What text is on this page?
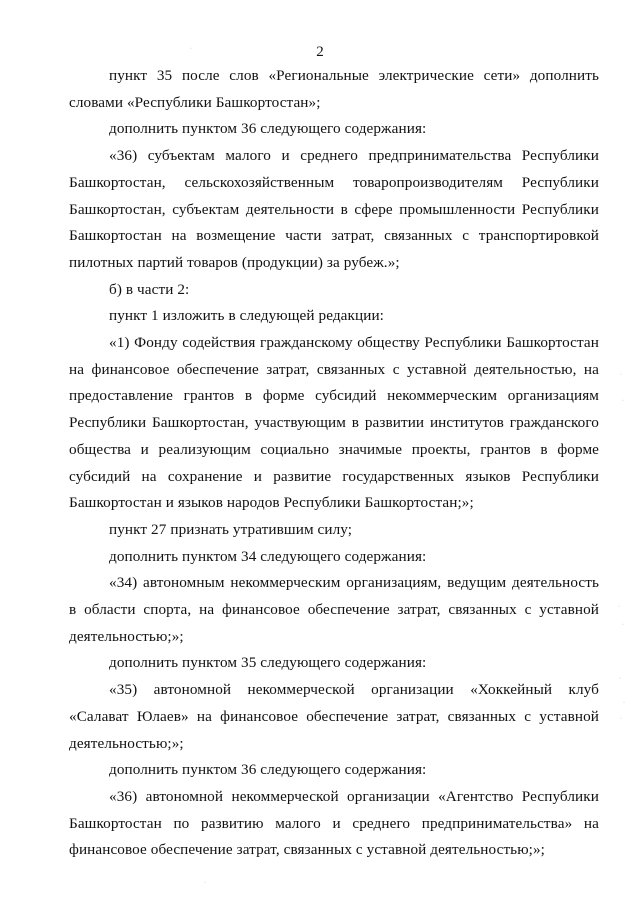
2

пункт 35 после слов «Региональные электрические сети» дополнить словами «Республики Башкортостан»;

дополнить пунктом 36 следующего содержания:

«36) субъектам малого и среднего предпринимательства Республики Башкортостан, сельскохозяйственным товаропроизводителям Республики Башкортостан, субъектам деятельности в сфере промышленности Республики Башкортостан на возмещение части затрат, связанных с транспортировкой пилотных партий товаров (продукции) за рубеж.»;

б) в части 2:

пункт 1 изложить в следующей редакции:

«1) Фонду содействия гражданскому обществу Республики Башкортостан на финансовое обеспечение затрат, связанных с уставной деятельностью, на предоставление грантов в форме субсидий некоммерческим организациям Республики Башкортостан, участвующим в развитии институтов гражданского общества и реализующим социально значимые проекты, грантов в форме субсидий на сохранение и развитие государственных языков Республики Башкортостан и языков народов Республики Башкортостан;»;

пункт 27 признать утратившим силу;

дополнить пунктом 34 следующего содержания:

«34) автономным некоммерческим организациям, ведущим деятельность в области спорта, на финансовое обеспечение затрат, связанных с уставной деятельностью;»;

дополнить пунктом 35 следующего содержания:

«35) автономной некоммерческой организации «Хоккейный клуб «Салават Юлаев» на финансовое обеспечение затрат, связанных с уставной деятельностью;»;

дополнить пунктом 36 следующего содержания:

«36) автономной некоммерческой организации «Агентство Республики Башкортостан по развитию малого и среднего предпринимательства» на финансовое обеспечение затрат, связанных с уставной деятельностью;»;

·
·
·
·
·
·
·
·
·
